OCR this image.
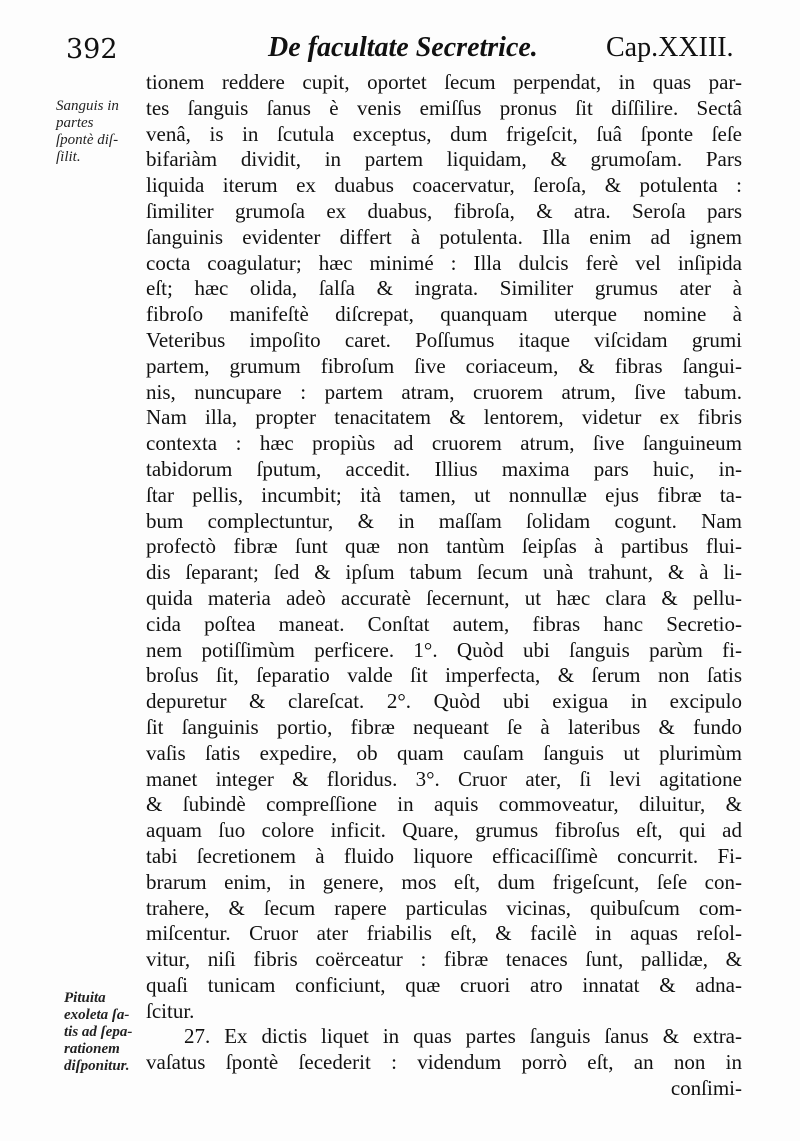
392	De facultate Secretrice. Cap.XXIII.
Sanguis in
partes
ſpontè diſ-
ſilit.
Pituita
exoleta ſa-
tis ad ſepa-
rationem
diſponitur.
tionem reddere cupit, oportet ſecum perpendat, in quas par-
tes ſanguis ſanus è venis emiſſus pronus ſit diſſilire. Sectâ
venâ, is in ſcutula exceptus, dum frigeſcit, ſuâ ſponte ſeſe
bifariàm dividit, in partem liquidam, & grumoſam. Pars
liquida iterum ex duabus coacervatur, ſeroſa, & potulenta :
ſimiliter grumoſa ex duabus, fibroſa, & atra. Seroſa pars
ſanguinis evidenter differt à potulenta. Illa enim ad ignem
cocta coagulatur; hæc minimé : Illa dulcis ferè vel inſipida
eſt; hæc olida, ſalſa & ingrata. Similiter grumus ater à
fibroſo manifeſtè diſcrepat, quanquam uterque nomine à
Veteribus impoſito caret. Poſſumus itaque viſcidam grumi
partem, grumum fibroſum ſive coriaceum, & fibras ſangui-
nis, nuncupare : partem atram, cruorem atrum, ſive tabum.
Nam illa, propter tenacitatem & lentorem, videtur ex fibris
contexta : hæc propiùs ad cruorem atrum, ſive ſanguineum
tabidorum ſputum, accedit. Illius maxima pars huic, in-
ſtar pellis, incumbit; ità tamen, ut nonnullæ ejus fibræ ta-
bum complectuntur, & in maſſam ſolidam cogunt. Nam
profectò fibræ ſunt quæ non tantùm ſeipſas à partibus flui-
dis ſeparant; ſed & ipſum tabum ſecum unà trahunt, & à li-
quida materia adeò accuratè ſecernunt, ut hæc clara & pellu-
cida poſtea maneat. Conſtat autem, fibras hanc Secretio-
nem potiſſimùm perficere. 1°. Quòd ubi ſanguis parùm fi-
broſus ſit, ſeparatio valde ſit imperfecta, & ſerum non ſatis
depuretur & clareſcat. 2°. Quòd ubi exigua in excipulo
ſit ſanguinis portio, fibræ nequeant ſe à lateribus & fundo
vaſis ſatis expedire, ob quam cauſam ſanguis ut plurimùm
manet integer & floridus. 3°. Cruor ater, ſi levi agitatione
& ſubindè compreſſione in aquis commoveatur, diluitur, &
aquam ſuo colore inficit. Quare, grumus fibroſus eſt, qui ad
tabi ſecretionem à fluido liquore efficaciſſimè concurrit. Fi-
brarum enim, in genere, mos eſt, dum frigeſcunt, ſeſe con-
trahere, & ſecum rapere particulas vicinas, quibuſcum com-
miſcentur. Cruor ater friabilis eſt, & facilè in aquas reſol-
vitur, niſi fibris coërceatur : fibræ tenaces ſunt, pallidæ, &
quaſi tunicam conficiunt, quæ cruori atro innatat & adna-
ſcitur.
27. Ex dictis liquet in quas partes ſanguis ſanus & extra-
vaſatus ſpontè ſecederit : videndum porrò eſt, an non in
conſimi-
